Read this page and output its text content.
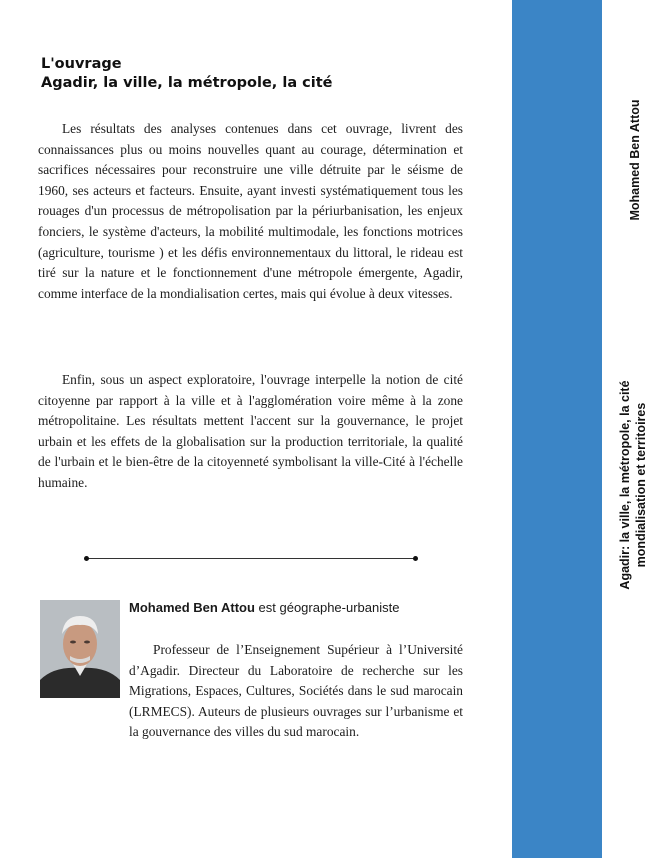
L'ouvrage
Agadir, la ville, la métropole, la cité

Les résultats des analyses contenues dans cet ouvrage, livrent des connaissances plus ou moins nouvelles quant au courage, détermination et sacrifices nécessaires pour reconstruire une ville détruite par le séisme de 1960, ses acteurs et facteurs. Ensuite, ayant investi systématiquement tous les rouages d'un processus de métropolisation par la périurbanisation, les enjeux fonciers, le système d'acteurs, la mobilité multimodale, les fonctions motrices (agriculture, tourisme ) et les défis environnementaux du littoral, le rideau est tiré sur la nature et le fonctionnement d'une métropole émergente, Agadir, comme interface de la mondialisation certes, mais qui évolue à deux vitesses.

Enfin, sous un aspect exploratoire, l'ouvrage interpelle la notion de cité citoyenne par rapport à la ville et à l'agglomération voire même à la zone métropolitaine. Les résultats mettent l'accent sur la gouvernance, le projet urbain et les effets de la globalisation sur la production territoriale, la qualité de l'urbain et le bien-être de la citoyenneté symbolisant la ville-Cité à l'échelle humaine.

Mohamed Ben Attou est géographe-urbaniste

Professeur de l’Enseignement Supérieur à l’Université d’Agadir. Directeur du Laboratoire de recherche sur les Migrations, Espaces, Cultures, Sociétés dans le sud marocain (LRMECS). Auteurs de plusieurs ouvrages sur l’urbanisme et la gouvernance des villes du sud marocain.	CTP & Impression : Imprimerie Rabat Net Maroc
Mohamed Ben Attou
Agadir: la ville, la métropole, la cité mondialisation et territoires
